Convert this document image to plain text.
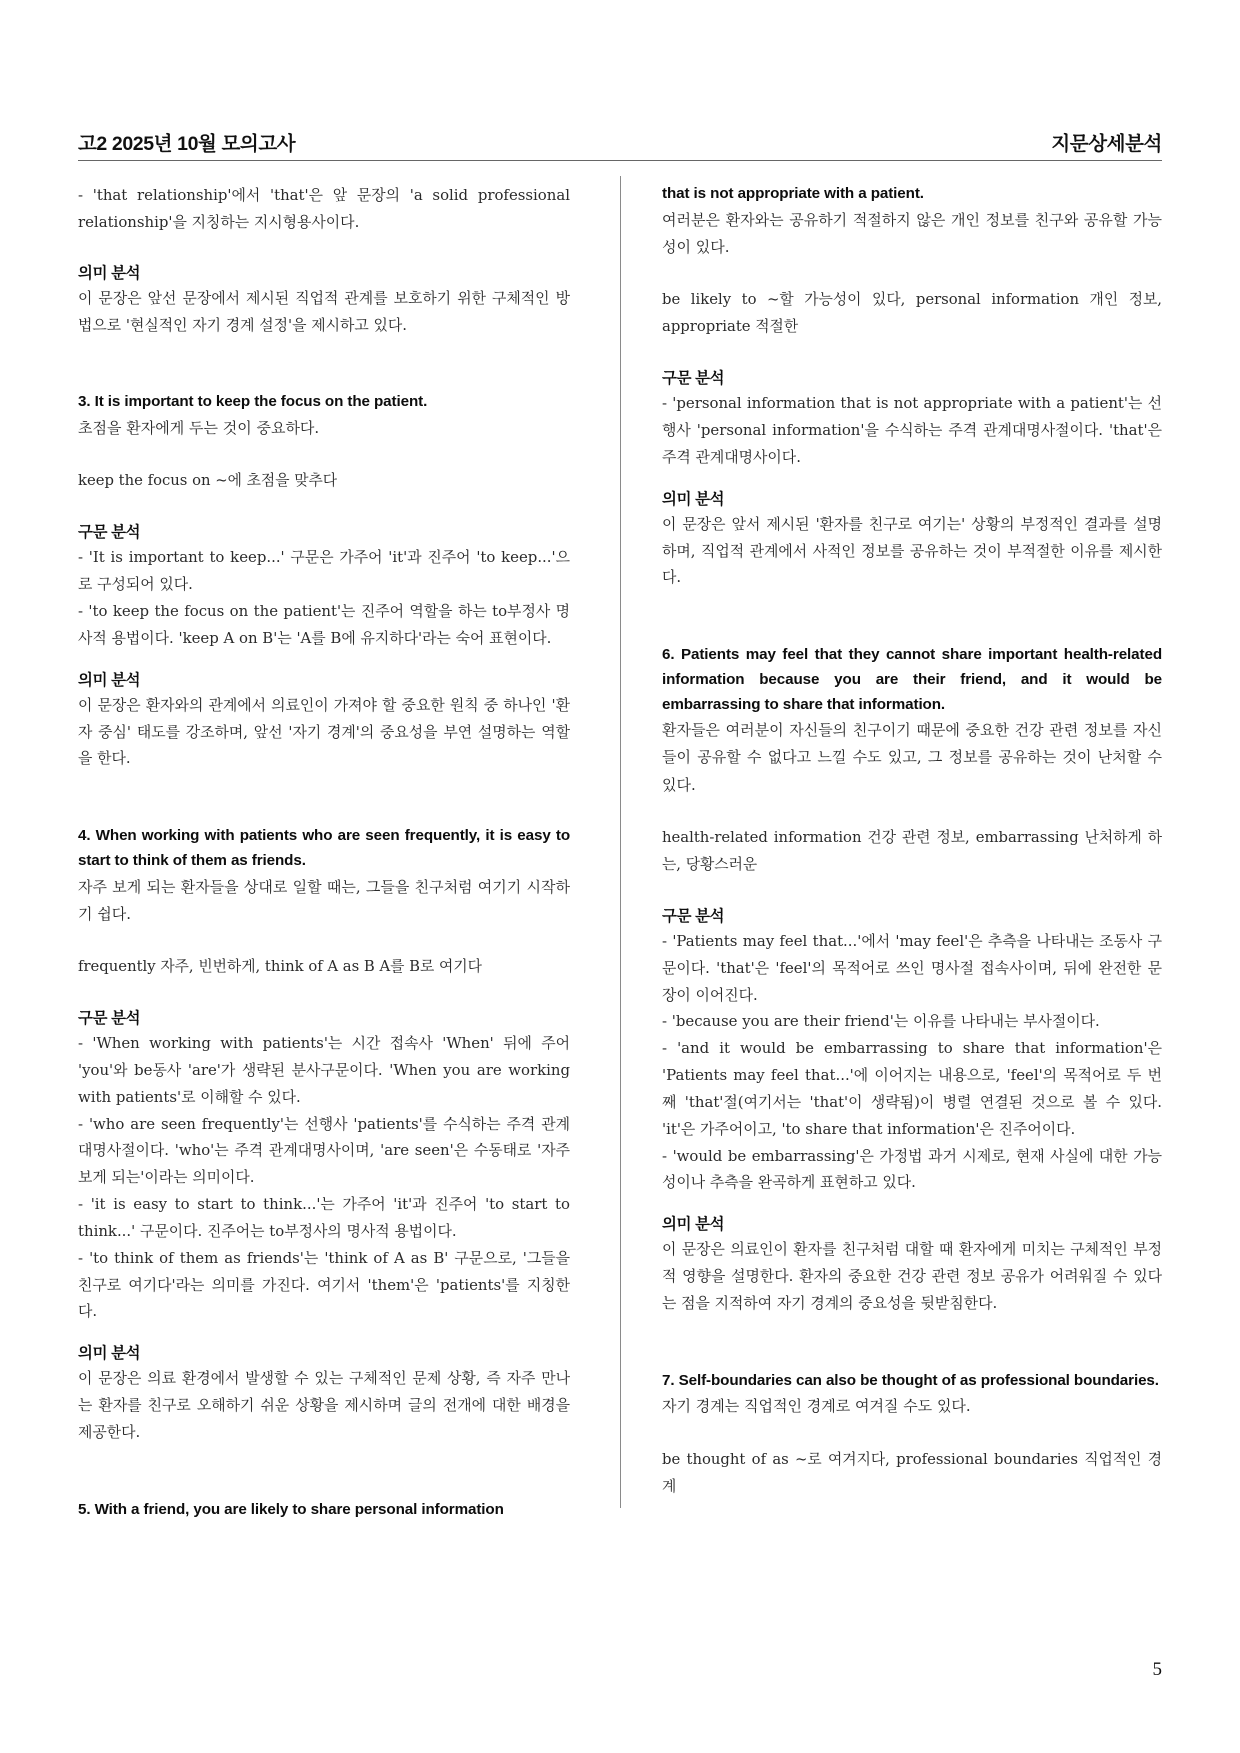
고2 2025년 10월 모의고사	지문상세분석
- 'that relationship'에서 'that'은 앞 문장의 'a solid professional relationship'을 지칭하는 지시형용사이다.
의미 분석
이 문장은 앞선 문장에서 제시된 직업적 관계를 보호하기 위한 구체적인 방법으로 '현실적인 자기 경계 설정'을 제시하고 있다.
3. It is important to keep the focus on the patient.
초점을 환자에게 두는 것이 중요하다.
keep the focus on ~에 초점을 맞추다
구문 분석
- 'It is important to keep...' 구문은 가주어 'it'과 진주어 'to keep...'으로 구성되어 있다.
- 'to keep the focus on the patient'는 진주어 역할을 하는 to부정사 명사적 용법이다. 'keep A on B'는 'A를 B에 유지하다'라는 숙어 표현이다.
의미 분석
이 문장은 환자와의 관계에서 의료인이 가져야 할 중요한 원칙 중 하나인 '환자 중심' 태도를 강조하며, 앞선 '자기 경계'의 중요성을 부연 설명하는 역할을 한다.
4. When working with patients who are seen frequently, it is easy to start to think of them as friends.
자주 보게 되는 환자들을 상대로 일할 때는, 그들을 친구처럼 여기기 시작하기 쉽다.
frequently 자주, 빈번하게, think of A as B A를 B로 여기다
구문 분석
- 'When working with patients'는 시간 접속사 'When' 뒤에 주어 'you'와 be동사 'are'가 생략된 분사구문이다. 'When you are working with patients'로 이해할 수 있다.
- 'who are seen frequently'는 선행사 'patients'를 수식하는 주격 관계대명사절이다. 'who'는 주격 관계대명사이며, 'are seen'은 수동태로 '자주 보게 되는'이라는 의미이다.
- 'it is easy to start to think...'는 가주어 'it'과 진주어 'to start to think...' 구문이다. 진주어는 to부정사의 명사적 용법이다.
- 'to think of them as friends'는 'think of A as B' 구문으로, '그들을 친구로 여기다'라는 의미를 가진다. 여기서 'them'은 'patients'를 지칭한다.
의미 분석
이 문장은 의료 환경에서 발생할 수 있는 구체적인 문제 상황, 즉 자주 만나는 환자를 친구로 오해하기 쉬운 상황을 제시하며 글의 전개에 대한 배경을 제공한다.
5. With a friend, you are likely to share personal information
that is not appropriate with a patient.
여러분은 환자와는 공유하기 적절하지 않은 개인 정보를 친구와 공유할 가능성이 있다.
be likely to ~할 가능성이 있다, personal information 개인 정보, appropriate 적절한
구문 분석
- 'personal information that is not appropriate with a patient'는 선행사 'personal information'을 수식하는 주격 관계대명사절이다. 'that'은 주격 관계대명사이다.
의미 분석
이 문장은 앞서 제시된 '환자를 친구로 여기는' 상황의 부정적인 결과를 설명하며, 직업적 관계에서 사적인 정보를 공유하는 것이 부적절한 이유를 제시한다.
6. Patients may feel that they cannot share important health-related information because you are their friend, and it would be embarrassing to share that information.
환자들은 여러분이 자신들의 친구이기 때문에 중요한 건강 관련 정보를 자신들이 공유할 수 없다고 느낄 수도 있고, 그 정보를 공유하는 것이 난처할 수 있다.
health-related information 건강 관련 정보, embarrassing 난처하게 하는, 당황스러운
구문 분석
- 'Patients may feel that...'에서 'may feel'은 추측을 나타내는 조동사 구문이다. 'that'은 'feel'의 목적어로 쓰인 명사절 접속사이며, 뒤에 완전한 문장이 이어진다.
- 'because you are their friend'는 이유를 나타내는 부사절이다.
- 'and it would be embarrassing to share that information'은 'Patients may feel that...'에 이어지는 내용으로, 'feel'의 목적어로 두 번째 'that'절(여기서는 'that'이 생략됨)이 병렬 연결된 것으로 볼 수 있다. 'it'은 가주어이고, 'to share that information'은 진주어이다.
- 'would be embarrassing'은 가정법 과거 시제로, 현재 사실에 대한 가능성이나 추측을 완곡하게 표현하고 있다.
의미 분석
이 문장은 의료인이 환자를 친구처럼 대할 때 환자에게 미치는 구체적인 부정적 영향을 설명한다. 환자의 중요한 건강 관련 정보 공유가 어려워질 수 있다는 점을 지적하여 자기 경계의 중요성을 뒷받침한다.
7. Self-boundaries can also be thought of as professional boundaries.
자기 경계는 직업적인 경계로 여겨질 수도 있다.
be thought of as ~로 여겨지다, professional boundaries 직업적인 경계
5
